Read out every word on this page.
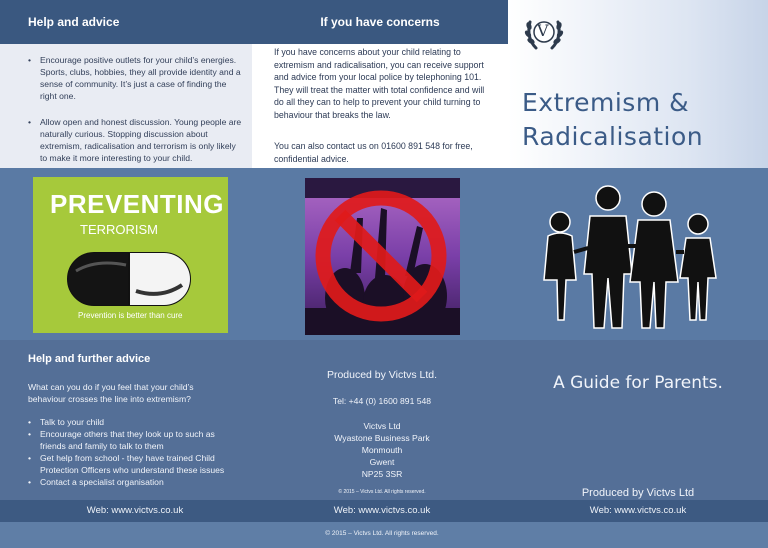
• Encourage positive outlets for your child’s energies. Sports, clubs, hobbies, they all provide identity and a sense of community. It’s just a case of finding the right one.
• Allow open and honest discussion. Young people are naturally curious. Stopping discussion about extremism, radicalisation and terrorism is only likely to make it more interesting to your child.
Help and advice
If you have concerns about your child relating to extremism and radicalisation, you can receive support and advice from your local police by telephoning 101. They will treat the matter with total confidence and will do all they can to help to prevent your child turning to behaviour that breaks the law.
You can also contact us on 01600 891 548 for free, confidential advice.
If you have concerns	V
Extremism &
Radicalisation
PREVENTING
TERRORISM
Prevention is better than cure
Help and further advice
What can you do if you feel that your child’s behaviour crosses the line into extremism?
• Talk to your child
• Encourage others that they look up to such as friends and family to talk to them
• Get help from school - they have trained Child Protection Officers who understand these issues
• Contact a specialist organisation
Web: www.victvs.co.uk
Produced by Victvs Ltd.
Tel: +44 (0) 1600 891 548
Victvs Ltd
Wyastone Business Park
Monmouth
Gwent
NP25 3SR
© 2015 – Victvs Ltd. All rights reserved.
Web: www.victvs.co.uk
© 2015 – Victvs Ltd. All rights reserved.
A Guide for Parents.
Produced by Victvs Ltd
Web: www.victvs.co.uk
